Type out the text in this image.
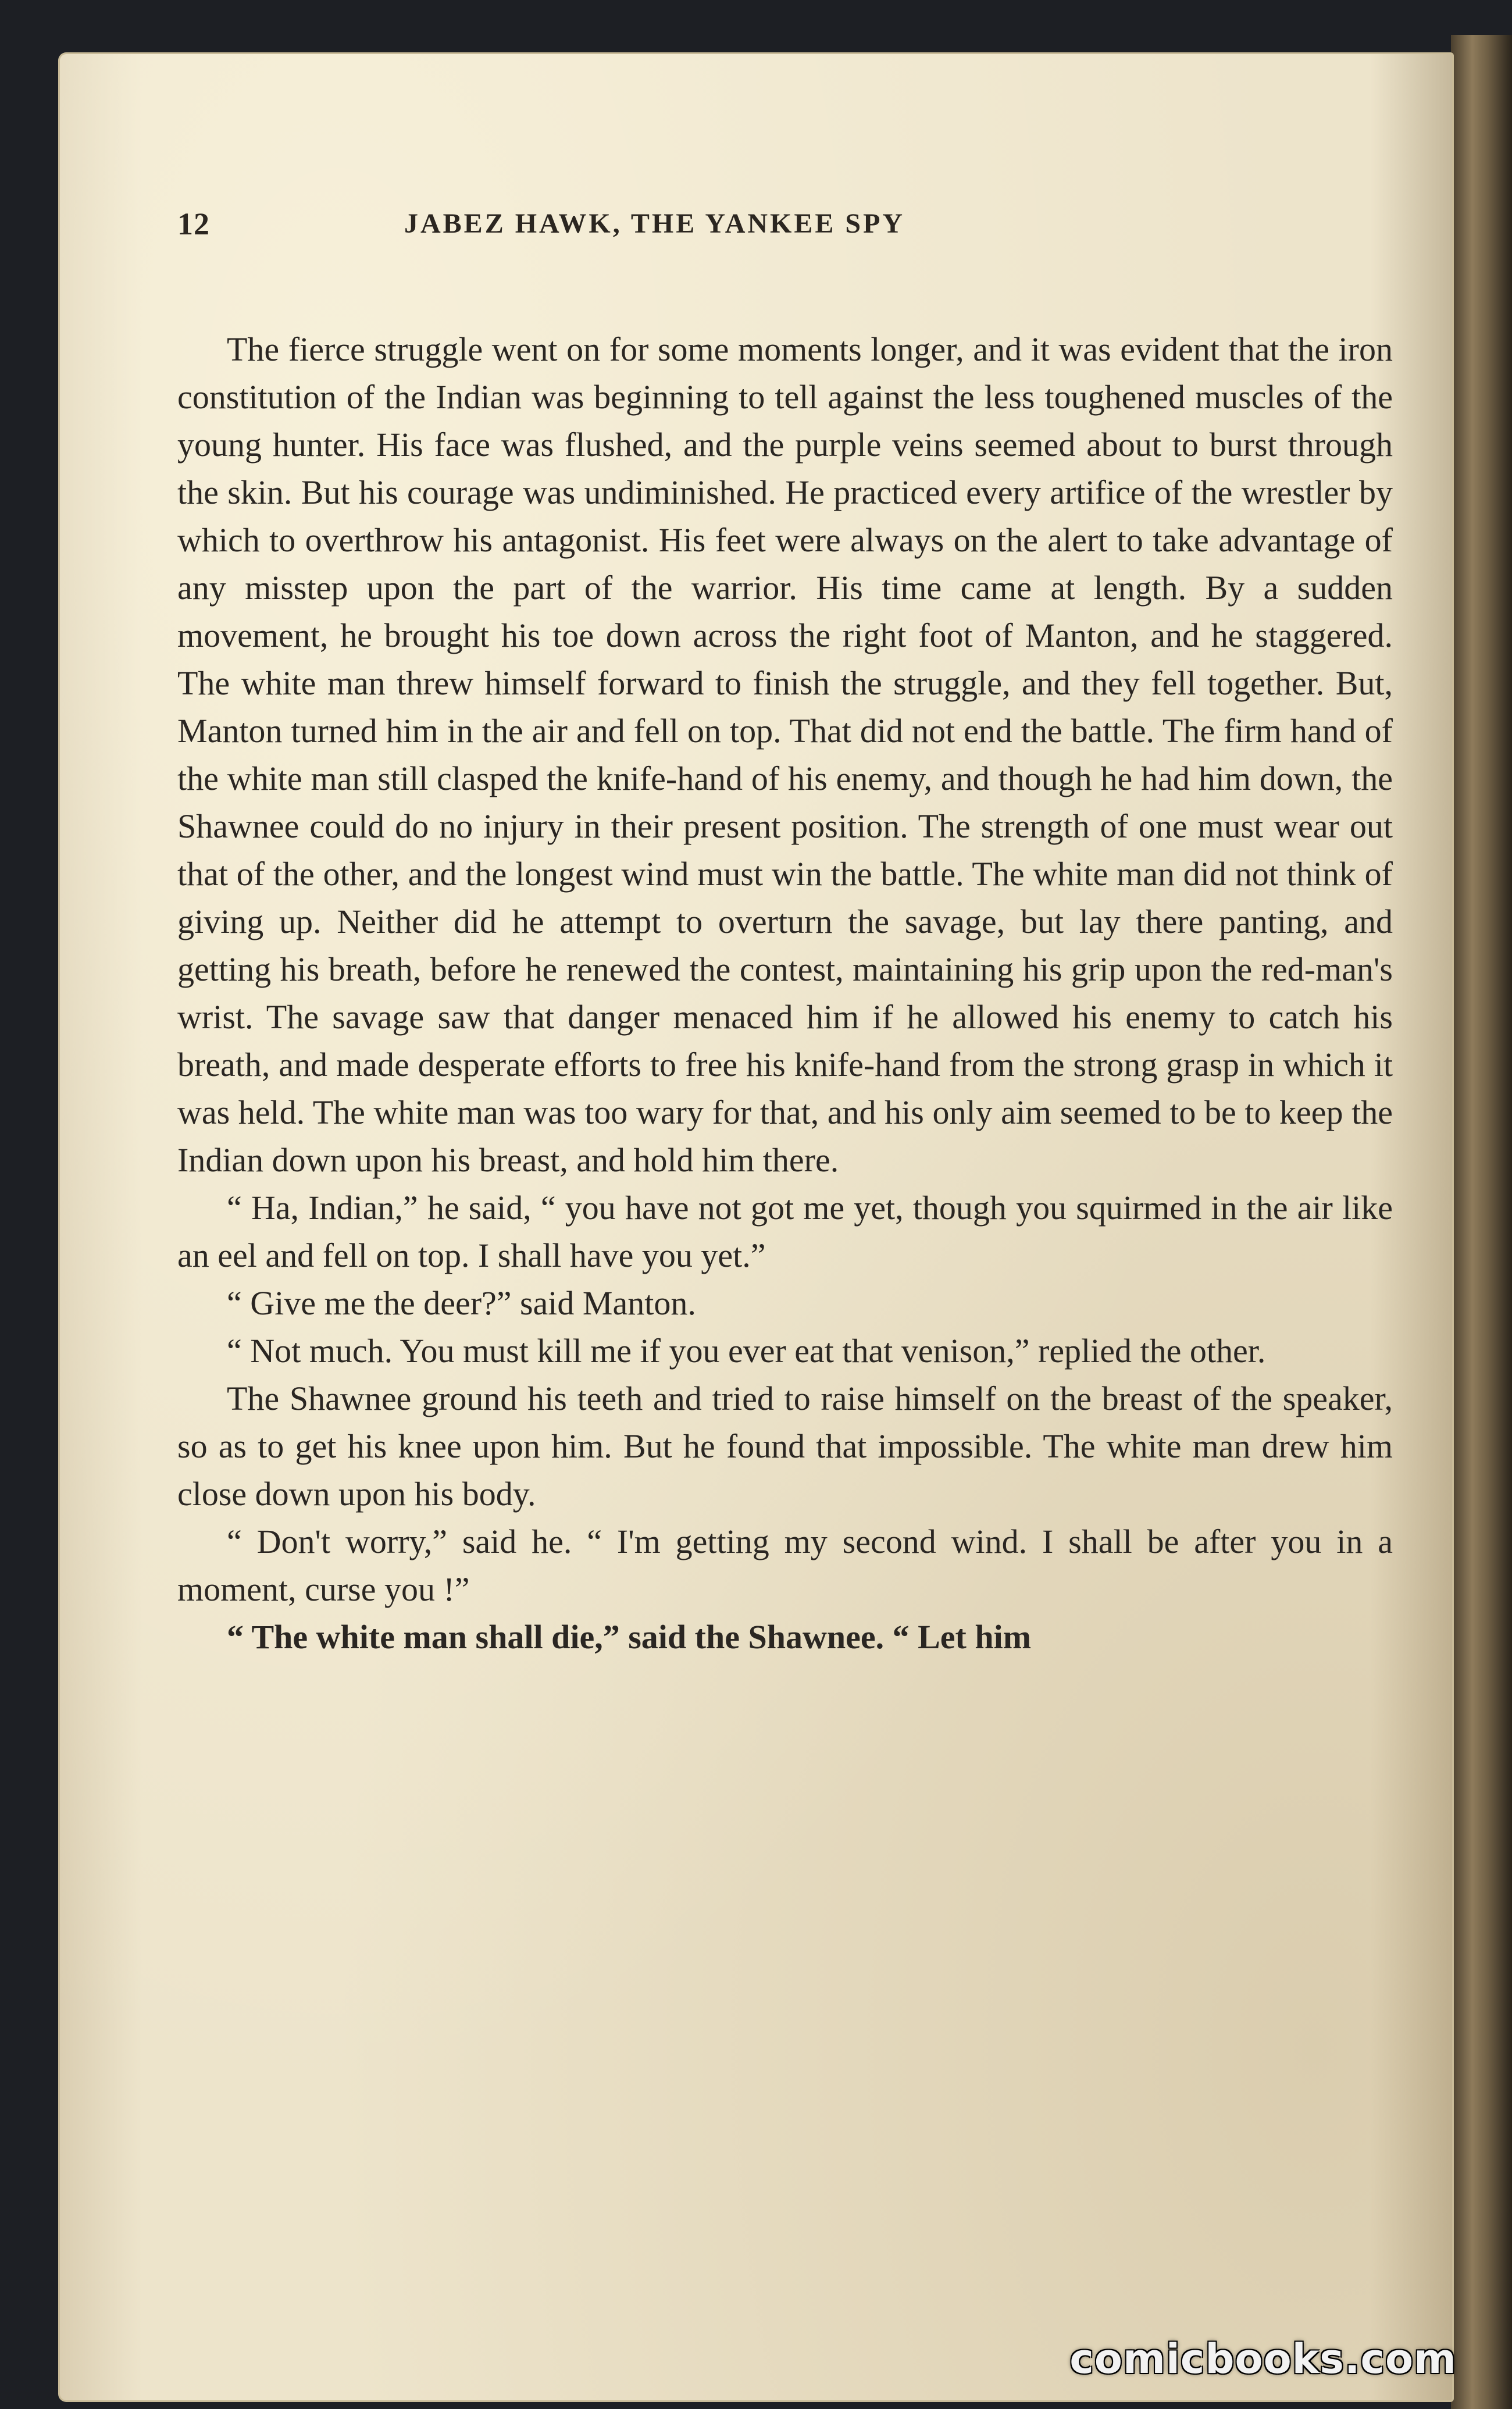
12	JABEZ HAWK, THE YANKEE SPY

The fierce struggle went on for some moments longer, and it was evident that the iron constitution of the Indian was beginning to tell against the less toughened muscles of the young hunter. His face was flushed, and the purple veins seemed about to burst through the skin. But his courage was undiminished. He practiced every artifice of the wrestler by which to overthrow his antagonist. His feet were always on the alert to take advantage of any misstep upon the part of the warrior. His time came at length. By a sudden movement, he brought his toe down across the right foot of Manton, and he staggered. The white man threw himself forward to finish the struggle, and they fell together. But, Manton turned him in the air and fell on top. That did not end the battle. The firm hand of the white man still clasped the knife-hand of his enemy, and though he had him down, the Shawnee could do no injury in their present position. The strength of one must wear out that of the other, and the longest wind must win the battle. The white man did not think of giving up. Neither did he attempt to overturn the savage, but lay there panting, and getting his breath, before he renewed the contest, maintaining his grip upon the red-man's wrist. The savage saw that danger menaced him if he allowed his enemy to catch his breath, and made desperate efforts to free his knife-hand from the strong grasp in which it was held. The white man was too wary for that, and his only aim seemed to be to keep the Indian down upon his breast, and hold him there.

“ Ha, Indian,” he said, “ you have not got me yet, though you squirmed in the air like an eel and fell on top. I shall have you yet.”

“ Give me the deer?” said Manton.

“ Not much. You must kill me if you ever eat that venison,” replied the other.

The Shawnee ground his teeth and tried to raise himself on the breast of the speaker, so as to get his knee upon him. But he found that impossible. The white man drew him close down upon his body.

“ Don't worry,” said he. “ I'm getting my second wind. I shall be after you in a moment, curse you !”

“ The white man shall die,” said the Shawnee. “ Let him

comicbooks.com
